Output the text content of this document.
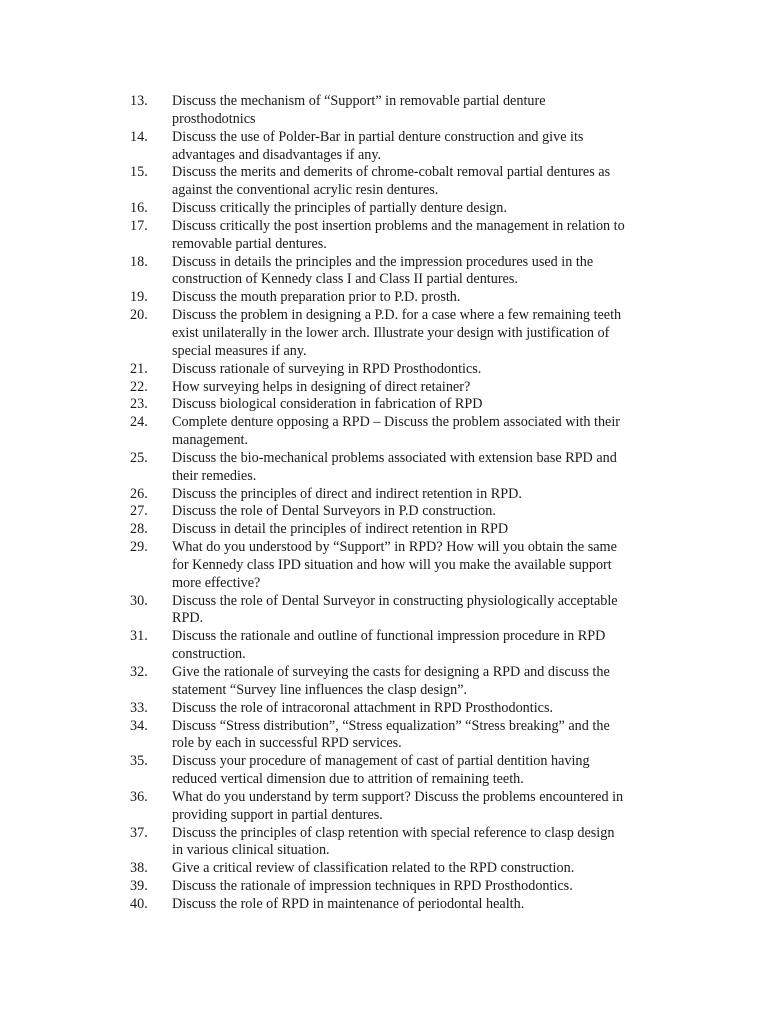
13.	Discuss the mechanism of “Support” in removable partial denture
prosthodotnics
14.	Discuss the use of Polder-Bar in partial denture construction and give its
advantages and disadvantages if any.
15.	Discuss the merits and demerits of chrome-cobalt removal partial dentures as
against the conventional acrylic resin dentures.
16.	Discuss critically the principles of partially denture design.
17.	Discuss critically the post insertion problems and the management in relation to
removable partial dentures.
18.	Discuss in details the principles and the impression procedures used in the
construction of Kennedy class I and Class II partial dentures.
19.	Discuss the mouth preparation prior to P.D. prosth.
20.	Discuss the problem in designing a P.D. for a case where a few remaining teeth
exist unilaterally in the lower arch. Illustrate your design with justification of
special measures if any.
21.	Discuss rationale of surveying in RPD Prosthodontics.
22.	How surveying helps in designing of direct retainer?
23.	Discuss biological consideration in fabrication of RPD
24.	Complete denture opposing a RPD – Discuss the problem associated with their
management.
25.	Discuss the bio-mechanical problems associated with extension base RPD and
their remedies.
26.	Discuss the principles of direct and indirect retention in RPD.
27.	Discuss the role of Dental Surveyors in P.D construction.
28.	Discuss in detail the principles of indirect retention in RPD
29.	What do you understood by “Support” in RPD? How will you obtain the same
for Kennedy class IPD situation and how will you make the available support
more effective?
30.	Discuss the role of Dental Surveyor in constructing physiologically acceptable
RPD.
31.	Discuss the rationale and outline of functional impression procedure in RPD
construction.
32.	Give the rationale of surveying the casts for designing a RPD and discuss the
statement “Survey line influences the clasp design”.
33.	Discuss the role of intracoronal attachment in RPD Prosthodontics.
34.	Discuss “Stress distribution”, “Stress equalization” “Stress breaking” and the
role by each in successful RPD services.
35.	Discuss your procedure of management of cast of partial dentition having
reduced vertical dimension due to attrition of remaining teeth.
36.	What do you understand by term support? Discuss the problems encountered in
providing support in partial dentures.
37.	Discuss the principles of clasp retention with special reference to clasp design
in various clinical situation.
38.	Give a critical review of classification related to the RPD construction.
39.	Discuss the rationale of impression techniques in RPD Prosthodontics.
40.	Discuss the role of RPD in maintenance of periodontal health.
